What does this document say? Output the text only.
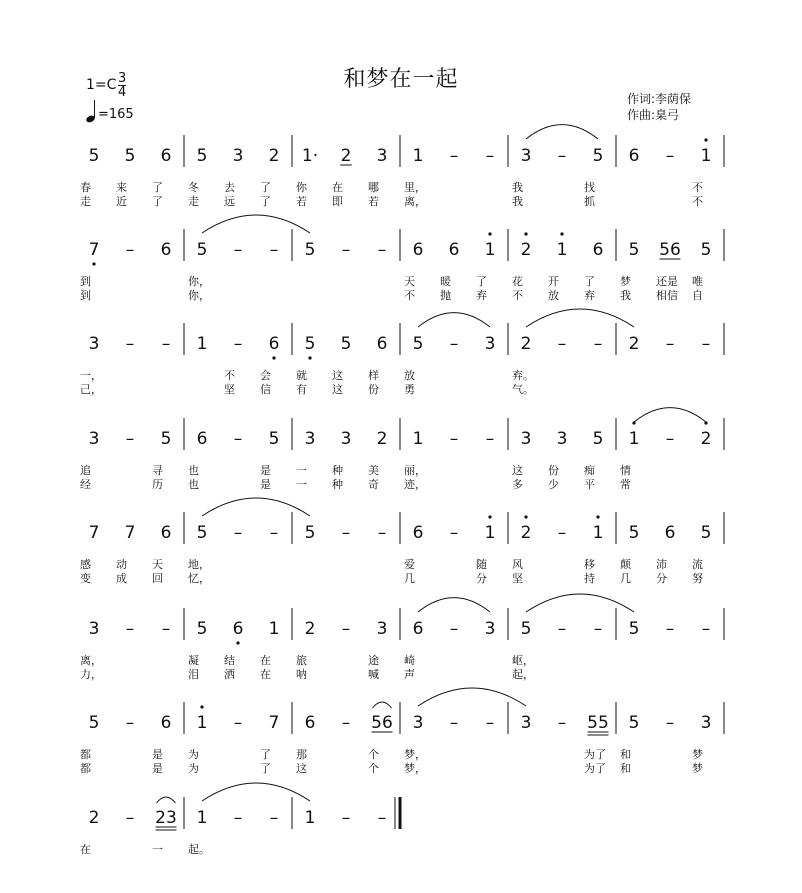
和梦在一起
$1=C \frac{3}{4}$
=165
作词:李荫保
作曲:臬弓
5 5 6 5 3 2 1· 2 3 1 – – 3 – 5 6 – 1
春 来 了 冬 去 了 你 在 哪 里，	我	找	不
走 近 了 走 远 了 若 即 若 离，	我	抓	不
7 – 6 5 – – 5 – – 6 6 1 2 1 6 5 56 5
到	你，	天 暖 了 花 开 了 梦 还是 唯
到	你，	不 抛 弃 不 放 弃 我 相信 自
3 – – 1 – 6 5 5 6 5 – 3 2 – – 2 – –
一，	不 会 就 这 样 放	弃。
己，	坚 信 有 这 份 勇	气。
3 – 5 6 – 5 3 3 2 1 – – 3 3 5 1 – 2
追	寻 也	是 一 种 美 丽，	这 份 痴 情
经	历 也	是 一 种 奇 迹，	多 少 平 常
7 7 6 5 – – 5 – – 6 – 1 2 – 1 5 6 5
感 动 天 地，	爱	随 风	移 颠 沛 流
变 成 回 忆，	几	分 坚	持 几 分 努
3 – – 5 6 1 2 – 3 6 – 3 5 – – 5 – –
离，	凝 结 在 旅	途 崎	岖，
力，	泪 洒 在 呐	喊 声	起，
5 – 6 1 – 7 6 – 56 3 – – 3 – 55 5 – 3
都	是 为	了 那	个 梦，	为了 和	梦
都	是 为	了 这	个 梦，	为了 和	梦
2 – 23 1 – – 1 – –
在	一 起。
